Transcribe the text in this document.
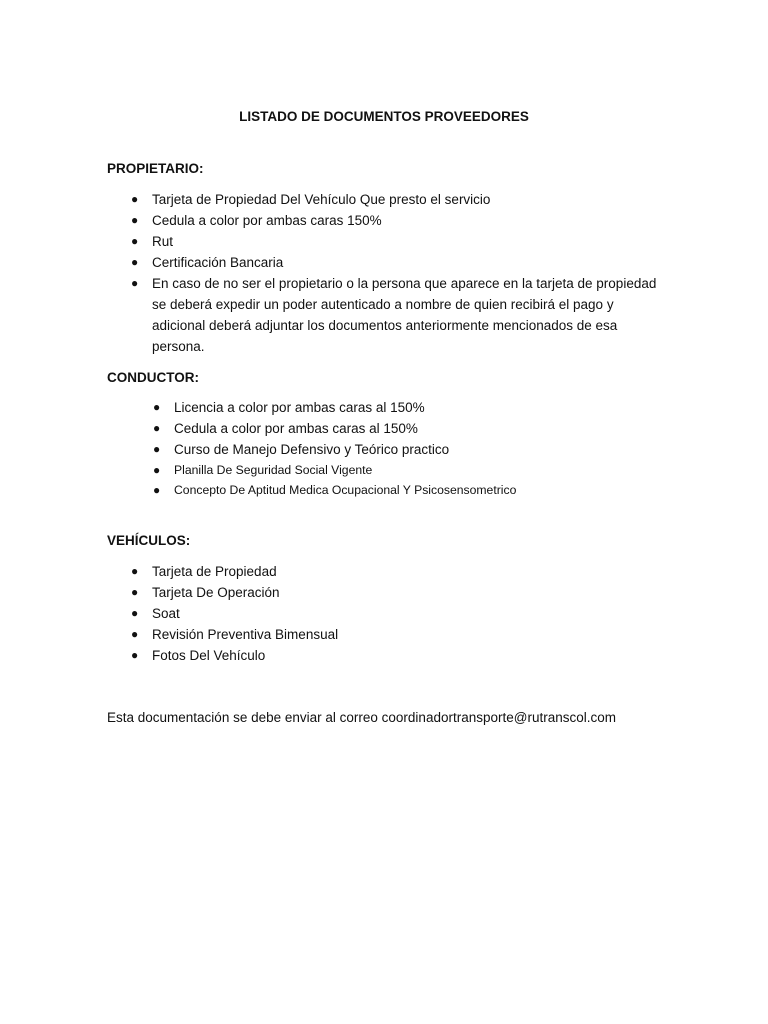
LISTADO DE DOCUMENTOS PROVEEDORES
PROPIETARIO:
● Tarjeta de Propiedad Del Vehículo Que presto el servicio
● Cedula a color por ambas caras 150%
● Rut
● Certificación Bancaria
● En caso de no ser el propietario o la persona que aparece en la tarjeta de propiedad se deberá expedir un poder autenticado a nombre de quien recibirá el pago y adicional deberá adjuntar los documentos anteriormente mencionados de esa persona.
CONDUCTOR:
● Licencia a color por ambas caras al 150%
● Cedula a color por ambas caras al 150%
● Curso de Manejo Defensivo y Teórico practico
● Planilla De Seguridad Social Vigente
● Concepto De Aptitud Medica Ocupacional Y Psicosensometrico
VEHÍCULOS:
● Tarjeta de Propiedad
● Tarjeta De Operación
● Soat
● Revisión Preventiva Bimensual
● Fotos Del Vehículo
Esta documentación se debe enviar al correo coordinadortransporte@rutranscol.com
